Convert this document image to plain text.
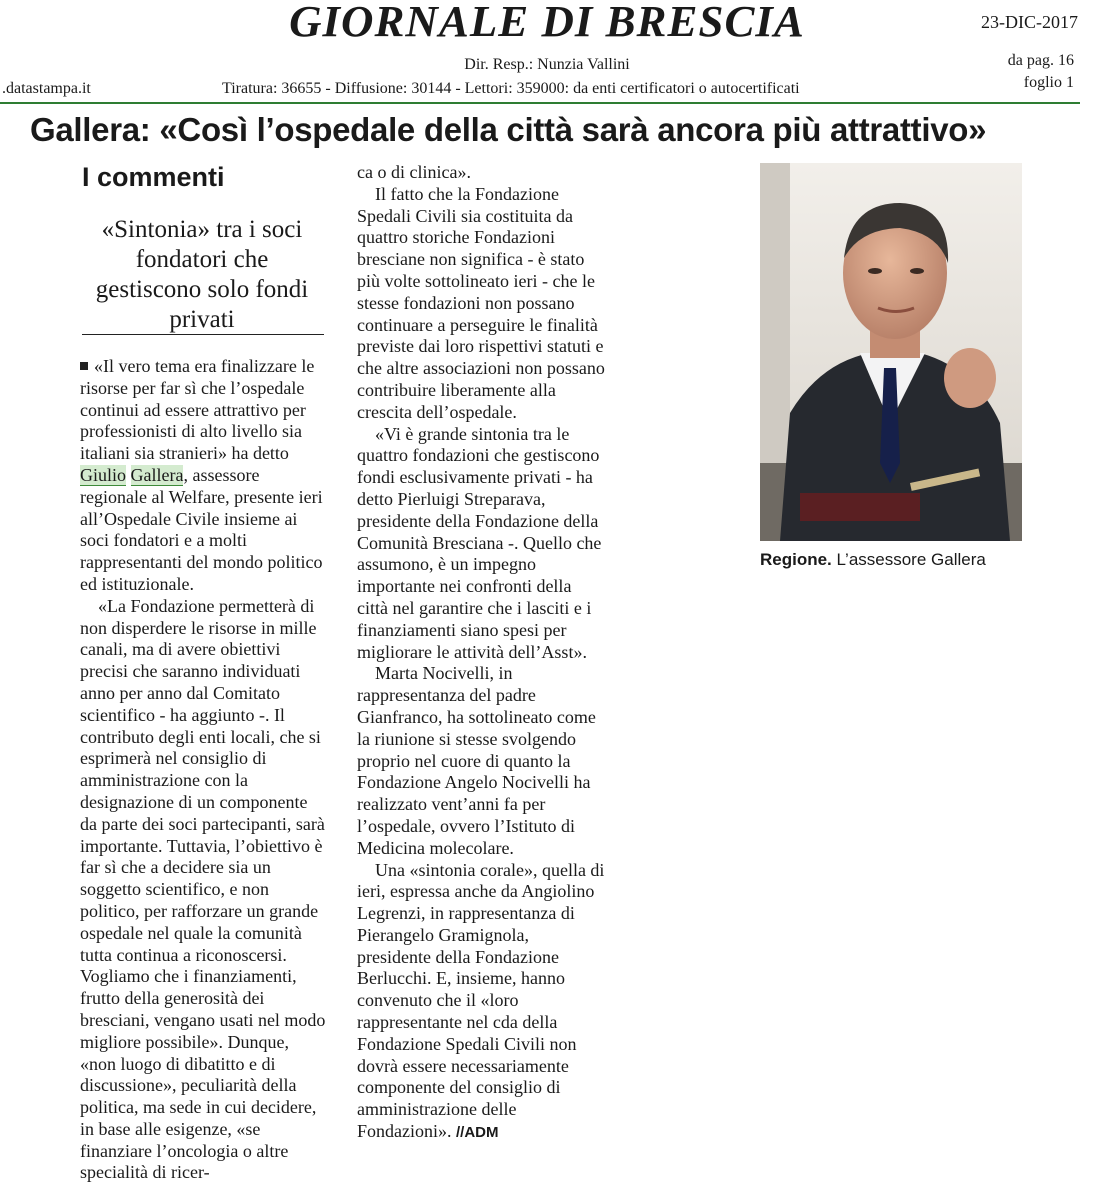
GIORNALE DI BRESCIA	23-DIC-2017
Dir. Resp.: Nunzia Vallini	da pag. 16
foglio 1
.datastampa.it	Tiratura: 36655 - Diffusione: 30144 - Lettori: 359000: da enti certificatori o autocertificati
Gallera: «Così l’ospedale della città sarà ancora più attrattivo»
I commenti
«Sintonia» tra i soci fondatori che gestiscono solo fondi privati

«Il vero tema era finalizzare le risorse per far sì che l’ospedale continui ad essere attrattivo per professionisti di alto livello sia italiani sia stranieri» ha detto Giulio Gallera, assessore regionale al Welfare, presente ieri all’Ospedale Civile insieme ai soci fondatori e a molti rappresentanti del mondo politico ed istituzionale.

«La Fondazione permetterà di non disperdere le risorse in mille canali, ma di avere obiettivi precisi che saranno individuati anno per anno dal Comitato scientifico - ha aggiunto -. Il contributo degli enti locali, che si esprimerà nel consiglio di amministrazione con la designazione di un componente da parte dei soci partecipanti, sarà importante. Tuttavia, l’obiettivo è far sì che a decidere sia un soggetto scientifico, e non politico, per rafforzare un grande ospedale nel quale la comunità tutta continua a riconoscersi. Vogliamo che i finanziamenti, frutto della generosità dei bresciani, vengano usati nel modo migliore possibile». Dunque, «non luogo di dibatitto e di discussione», peculiarità della politica, ma sede in cui decidere, in base alle esigenze, «se finanziare l’oncologia o altre specialità di ricer-

ca o di clinica».

Il fatto che la Fondazione Spedali Civili sia costituita da quattro storiche Fondazioni bresciane non significa - è stato più volte sottolineato ieri - che le stesse fondazioni non possano continuare a perseguire le finalità previste dai loro rispettivi statuti e che altre associazioni non possano contribuire liberamente alla crescita dell’ospedale.

«Vi è grande sintonia tra le quattro fondazioni che gestiscono fondi esclusivamente privati - ha detto Pierluigi Streparava, presidente della Fondazione della Comunità Bresciana -. Quello che assumono, è un impegno importante nei confronti della città nel garantire che i lasciti e i finanziamenti siano spesi per migliorare le attività dell’Asst».

Marta Nocivelli, in rappresentanza del padre Gianfranco, ha sottolineato come la riunione si stesse svolgendo proprio nel cuore di quanto la Fondazione Angelo Nocivelli ha realizzato vent’anni fa per l’ospedale, ovvero l’Istituto di Medicina molecolare.

Una «sintonia corale», quella di ieri, espressa anche da Angiolino Legrenzi, in rappresentanza di Pierangelo Gramignola, presidente della Fondazione Berlucchi. E, insieme, hanno convenuto che il «loro rappresentante nel cda della Fondazione Spedali Civili non dovrà essere necessariamente componente del consiglio di amministrazione delle Fondazioni». //ADM

Regione. L’assessore Gallera
